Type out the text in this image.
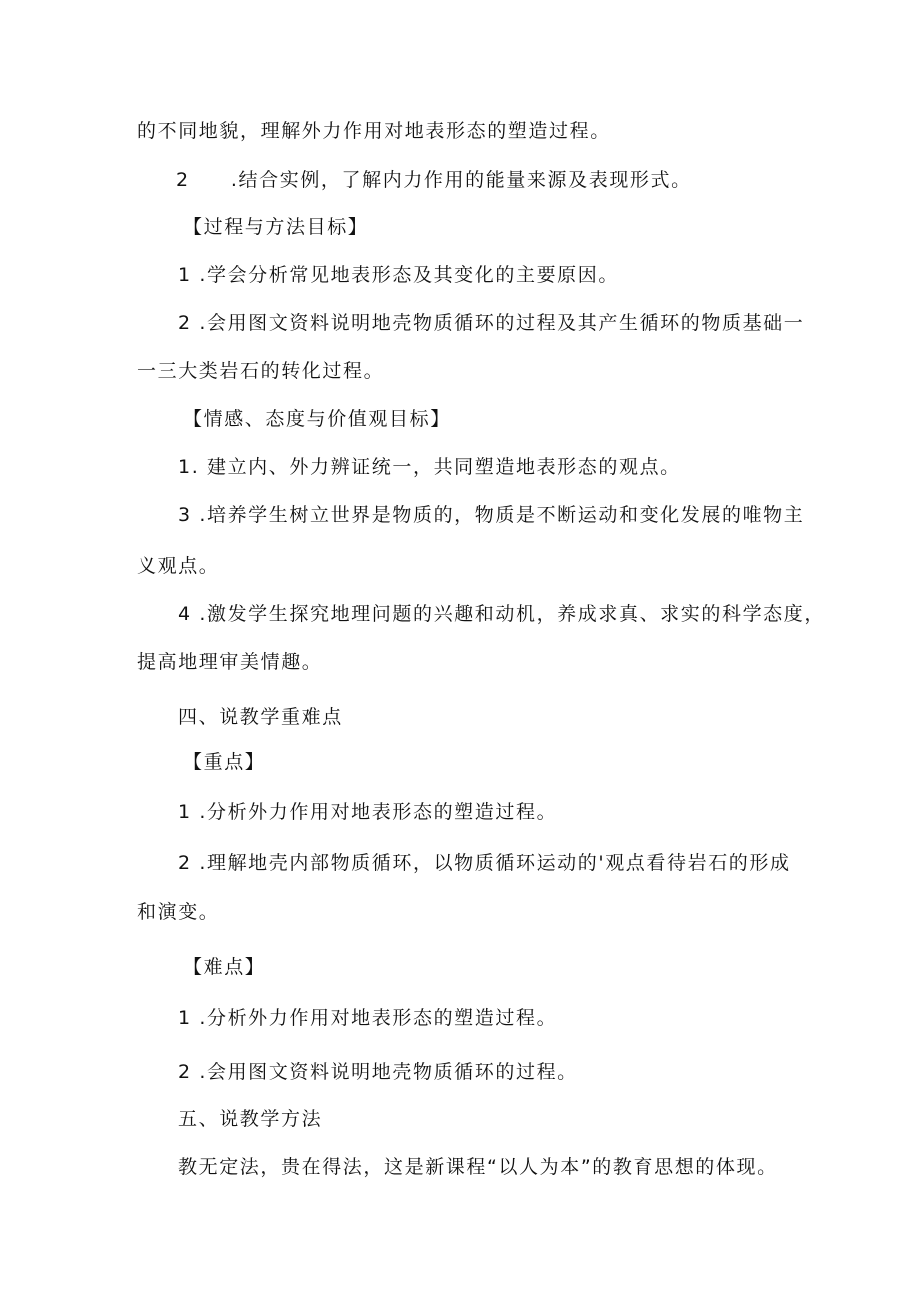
的不同地貌，理解外力作用对地表形态的塑造过程。
2　　.结合实例，了解内力作用的能量来源及表现形式。
【过程与方法目标】
1 .学会分析常见地表形态及其变化的主要原因。
2 .会用图文资料说明地壳物质循环的过程及其产生循环的物质基础一
一三大类岩石的转化过程。
【情感、态度与价值观目标】
1. 建立内、外力辨证统一，共同塑造地表形态的观点。
3 .培养学生树立世界是物质的，物质是不断运动和变化发展的唯物主
义观点。
4 .激发学生探究地理问题的兴趣和动机，养成求真、求实的科学态度，
提高地理审美情趣。
四、说教学重难点
【重点】
1 .分析外力作用对地表形态的塑造过程。
2 .理解地壳内部物质循环，以物质循环运动的'观点看待岩石的形成
和演变。
【难点】
1 .分析外力作用对地表形态的塑造过程。
2 .会用图文资料说明地壳物质循环的过程。
五、说教学方法
教无定法，贵在得法，这是新课程“以人为本”的教育思想的体现。
